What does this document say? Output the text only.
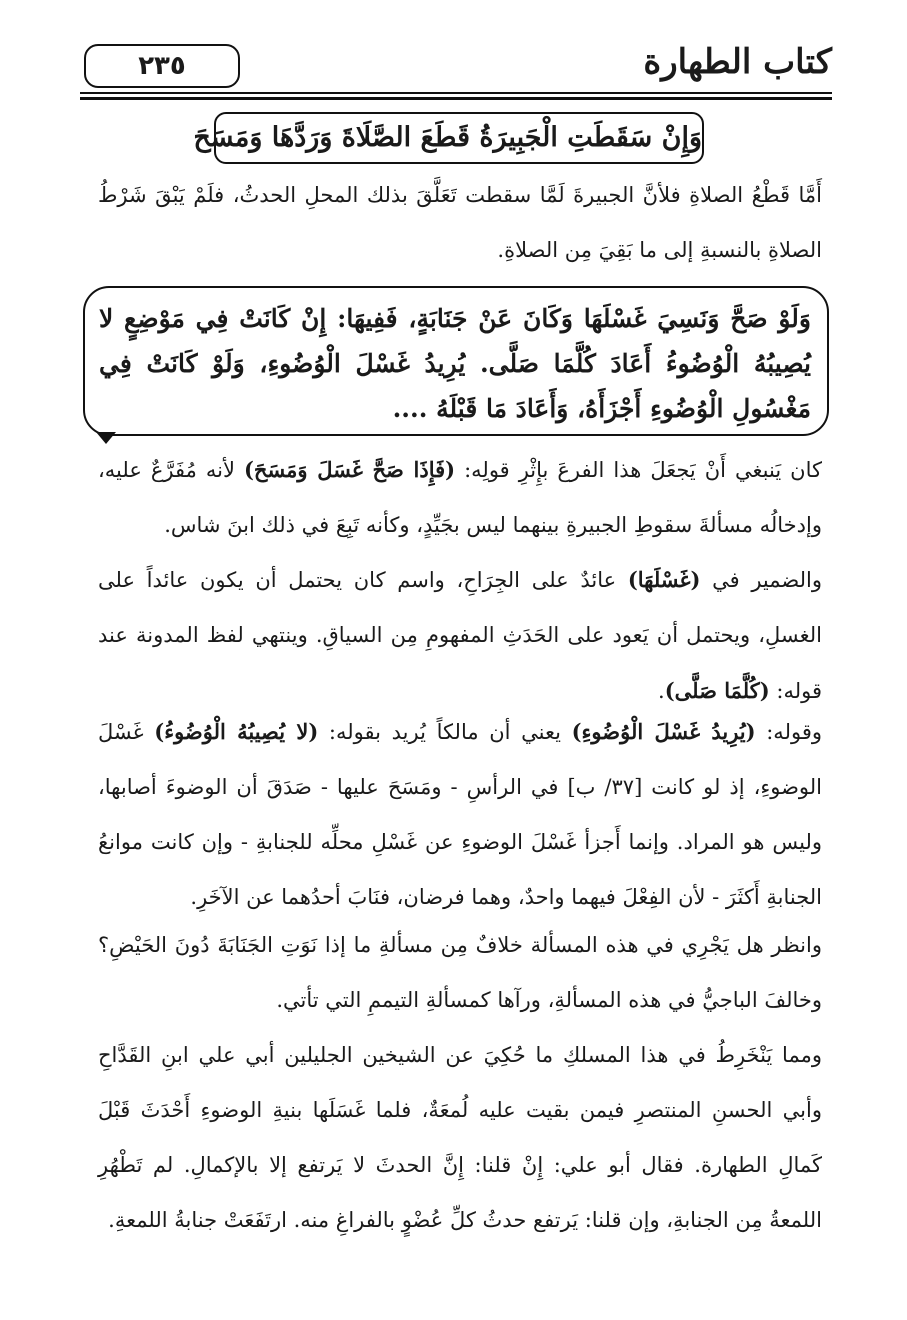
كتاب الطهارة
٢٣٥
وَإِنْ سَقَطَتِ الْجَبِيرَةُ قَطَعَ الصَّلَاةَ وَرَدَّهَا وَمَسَحَ

أَمَّا قَطْعُ الصلاةِ فلأنَّ الجبيرةَ لَمَّا سقطت تَعَلَّقَ بذلك المحلِ الحدثُ، فلَمْ يَبْقَ شَرْطُ الصلاةِ بالنسبةِ إلى ما بَقِيَ مِن الصلاةِ.

وَلَوْ صَحَّ وَنَسِيَ غَسْلَهَا وَكَانَ عَنْ جَنَابَةٍ، فَفِيهَا: إِنْ كَانَتْ فِي مَوْضِعٍ لا يُصِيبُهُ الْوُضُوءُ أَعَادَ كُلَّمَا صَلَّى. يُرِيدُ غَسْلَ الْوُضُوءِ، وَلَوْ كَانَتْ فِي مَغْسُولِ الْوُضُوءِ أَجْزَأَهُ، وَأَعَادَ مَا قَبْلَهُ ....

كان يَنبغي أَنْ يَجعَلَ هذا الفرعَ بإِثْرِ قولِه: (فَإِذَا صَحَّ غَسَلَ وَمَسَحَ) لأنه مُفَرَّعٌ عليه، وإدخالُه مسألةَ سقوطِ الجبيرةِ بينهما ليس بجَيِّدٍ، وكأنه تَبِعَ في ذلك ابنَ شاس.

والضمير في (غَسْلَهَا) عائدٌ على الجِرَاحِ، واسم كان يحتمل أن يكون عائداً على الغسلِ، ويحتمل أن يَعود على الحَدَثِ المفهومِ مِن السياقِ. وينتهي لفظ المدونة عند قوله: (كُلَّمَا صَلَّى).

وقوله: (يُرِيدُ غَسْلَ الْوُضُوءِ) يعني أن مالكاً يُريد بقوله: (لا يُصِيبُهُ الْوُضُوءُ) غَسْلَ الوضوءِ، إذ لو كانت [٣٧/ ب] في الرأسِ - ومَسَحَ عليها - صَدَقَ أن الوضوءَ أصابها، وليس هو المراد. وإنما أَجزأ غَسْلَ الوضوءِ عن غَسْلِ محلِّه للجنابةِ - وإن كانت موانعُ الجنابةِ أَكثَرَ - لأن الفِعْلَ فيهما واحدٌ، وهما فرضان، فنَابَ أحدُهما عن الآخَرِ.

وانظر هل يَجْرِي في هذه المسألة خلافٌ مِن مسألةِ ما إذا نَوَتِ الجَنَابَةَ دُونَ الحَيْضِ؟ وخالفَ الباجيُّ في هذه المسألةِ، ورآها كمسألةِ التيممِ التي تأتي.

ومما يَنْخَرِطُ في هذا المسلكِ ما حُكِيَ عن الشيخين الجليلين أبي علي ابنِ القَدَّاحِ وأبي الحسنِ المنتصرِ فيمن بقيت عليه لُمعَةٌ، فلما غَسَلَها بنيةِ الوضوءِ أَحْدَثَ قَبْلَ كَمالِ الطهارة. فقال أبو علي: إِنْ قلنا: إِنَّ الحدثَ لا يَرتفع إلا بالإكمالِ. لم تَطْهُرِ اللمعةُ مِن الجنابةِ، وإن قلنا: يَرتفع حدثُ كلِّ عُضْوٍ بالفراغِ منه. ارتَفَعَتْ جنابةُ اللمعةِ.
